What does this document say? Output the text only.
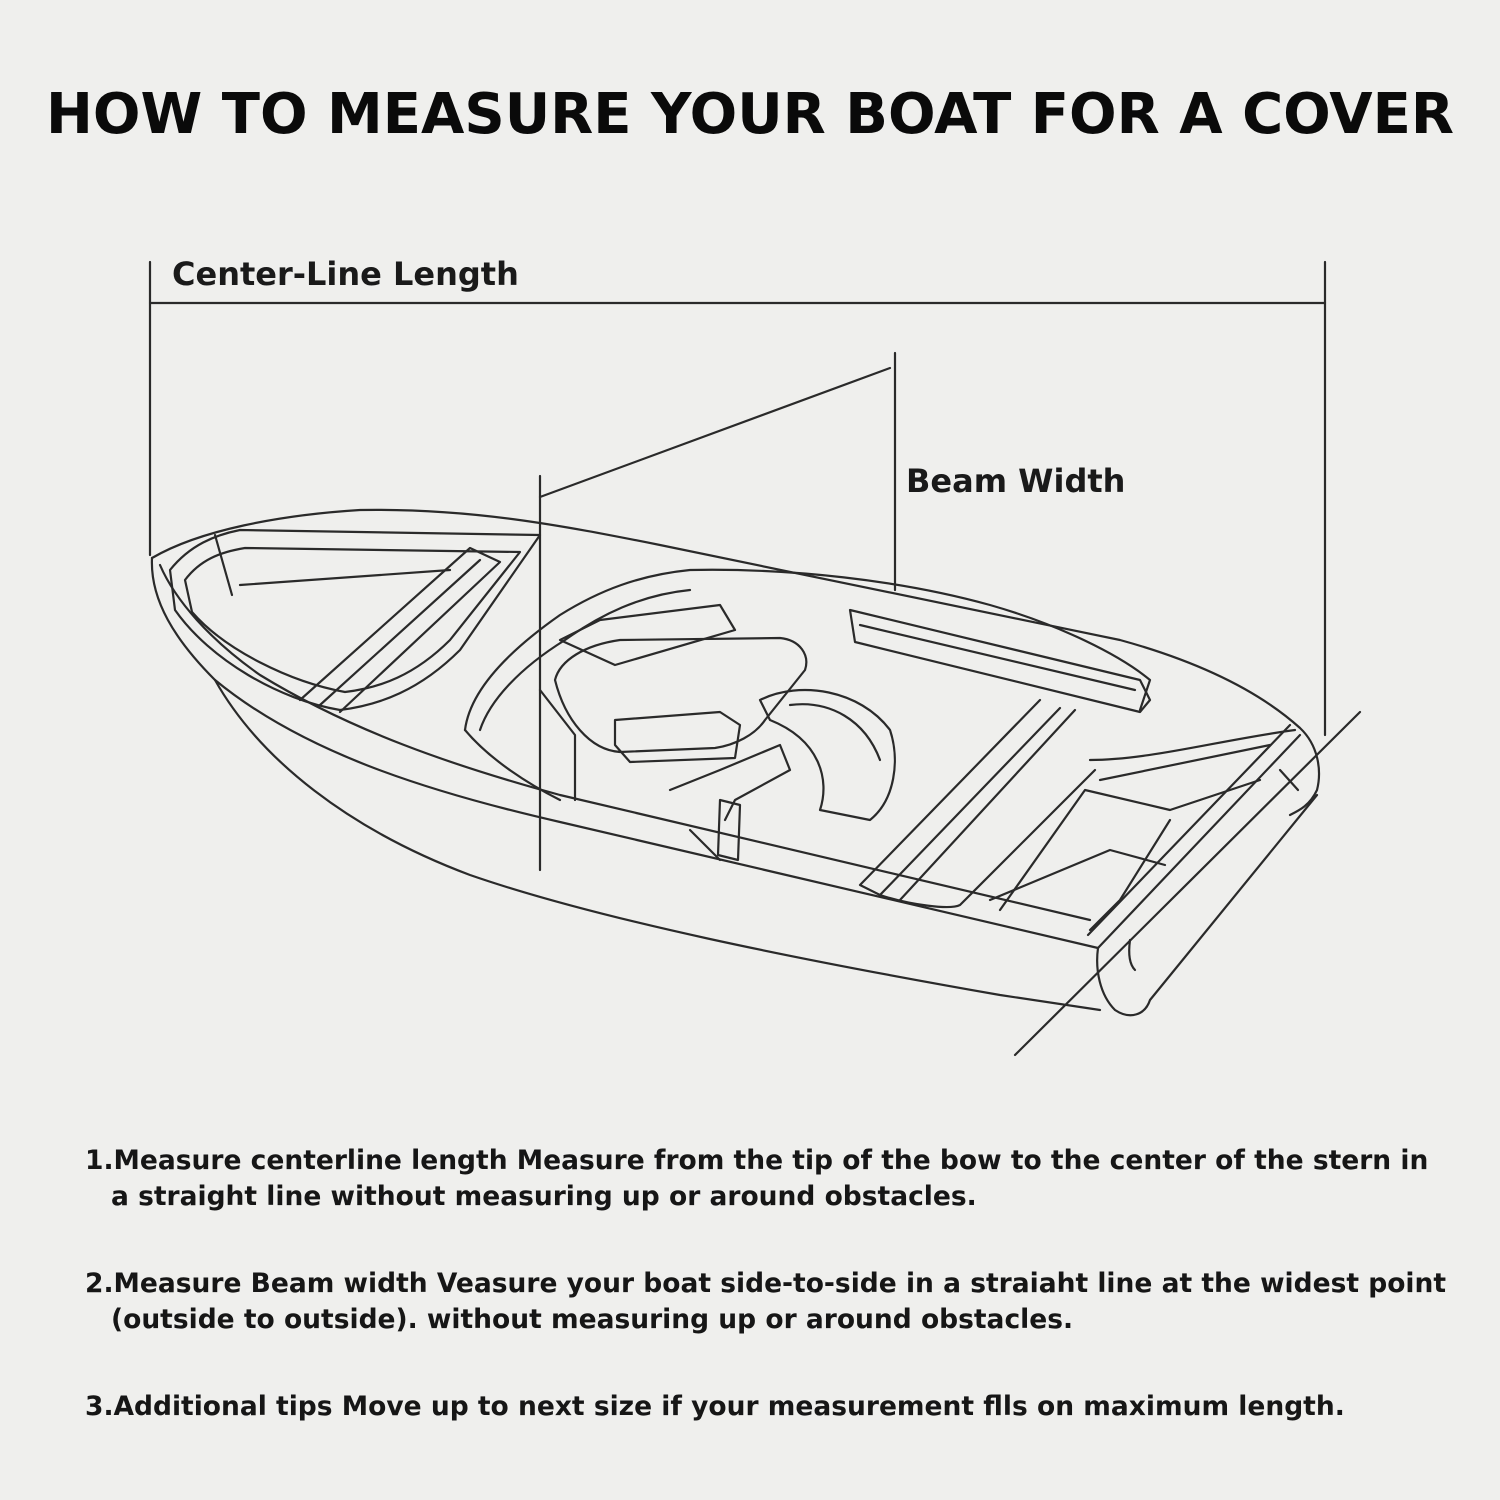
HOW TO MEASURE YOUR BOAT FOR A COVER
Center-Line Length
Beam Width
1.Measure centerline length Measure from the tip of the bow to the center of the stern in a straight line without measuring up or around obstacles.
2.Measure Beam width Veasure your boat side-to-side in a straiaht line at the widest point (outside to outside). without measuring up or around obstacles.
3.Additional tips Move up to next size if your measurement flls on maximum length.
